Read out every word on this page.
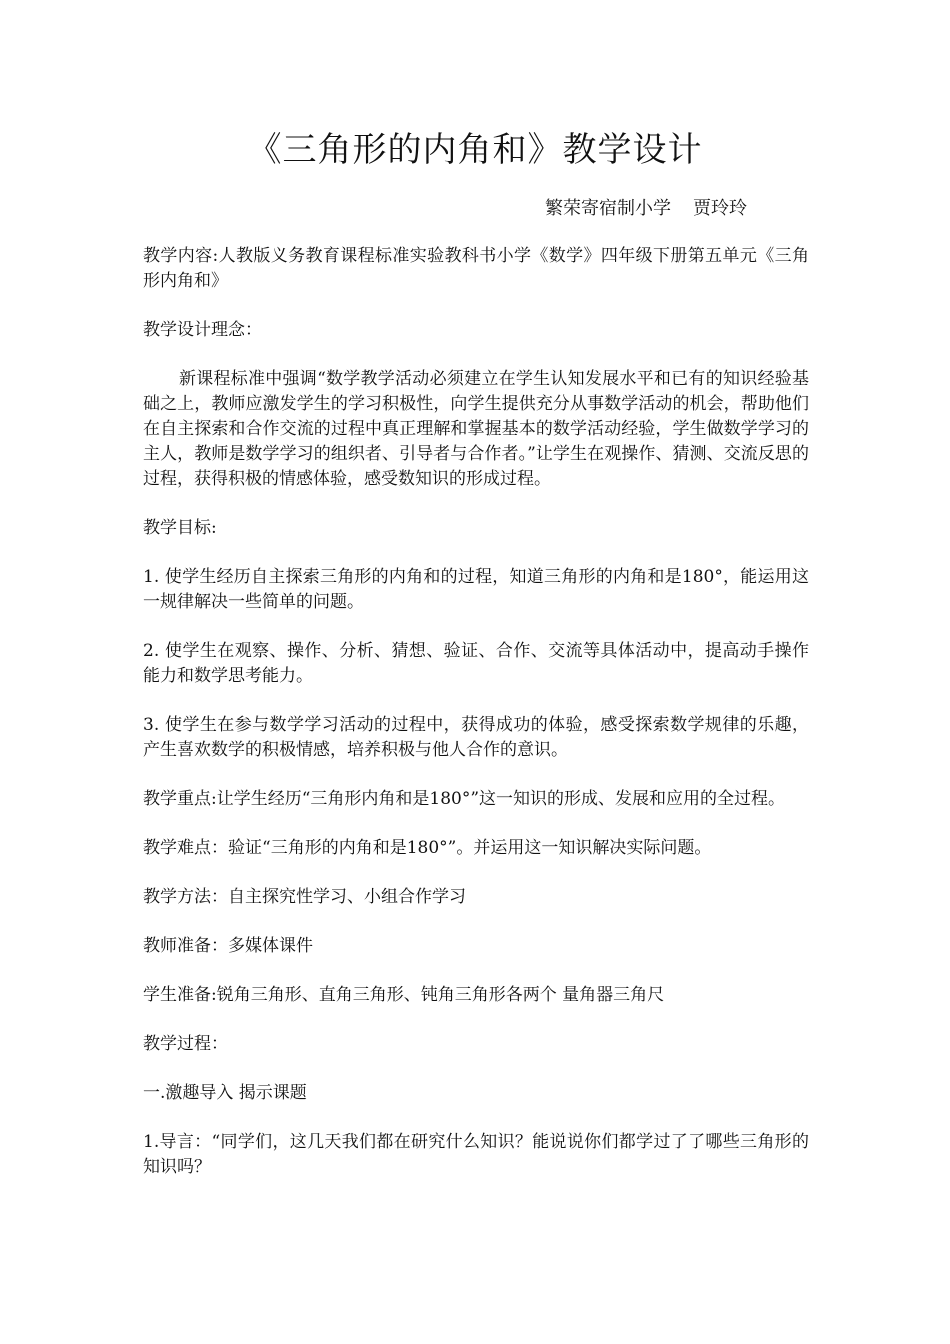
《三角形的内角和》教学设计
繁荣寄宿制小学 贾玲玲

教学内容:人教版义务教育课程标准实验教科书小学《数学》四年级下册第五单元《三角形内角和》

教学设计理念：

新课程标准中强调“数学教学活动必须建立在学生认知发展水平和已有的知识经验基础之上，教师应激发学生的学习积极性，向学生提供充分从事数学活动的机会，帮助他们在自主探索和合作交流的过程中真正理解和掌握基本的数学活动经验，学生做数学学习的主人，教师是数学学习的组织者、引导者与合作者。”让学生在观操作、猜测、交流反思的过程，获得积极的情感体验，感受数知识的形成过程。

教学目标:

1. 使学生经历自主探索三角形的内角和的过程，知道三角形的内角和是180°，能运用这一规律解决一些简单的问题。

2. 使学生在观察、操作、分析、猜想、验证、合作、交流等具体活动中，提高动手操作能力和数学思考能力。

3. 使学生在参与数学学习活动的过程中，获得成功的体验，感受探索数学规律的乐趣，产生喜欢数学的积极情感，培养积极与他人合作的意识。

教学重点:让学生经历“三角形内角和是180°”这一知识的形成、发展和应用的全过程。

教学难点：验证“三角形的内角和是180°”。并运用这一知识解决实际问题。

教学方法：自主探究性学习、小组合作学习

教师准备：多媒体课件

学生准备:锐角三角形、直角三角形、钝角三角形各两个 量角器三角尺

教学过程：

一.激趣导入 揭示课题

1.导言：“同学们，这几天我们都在研究什么知识？能说说你们都学过了了哪些三角形的知识吗？
